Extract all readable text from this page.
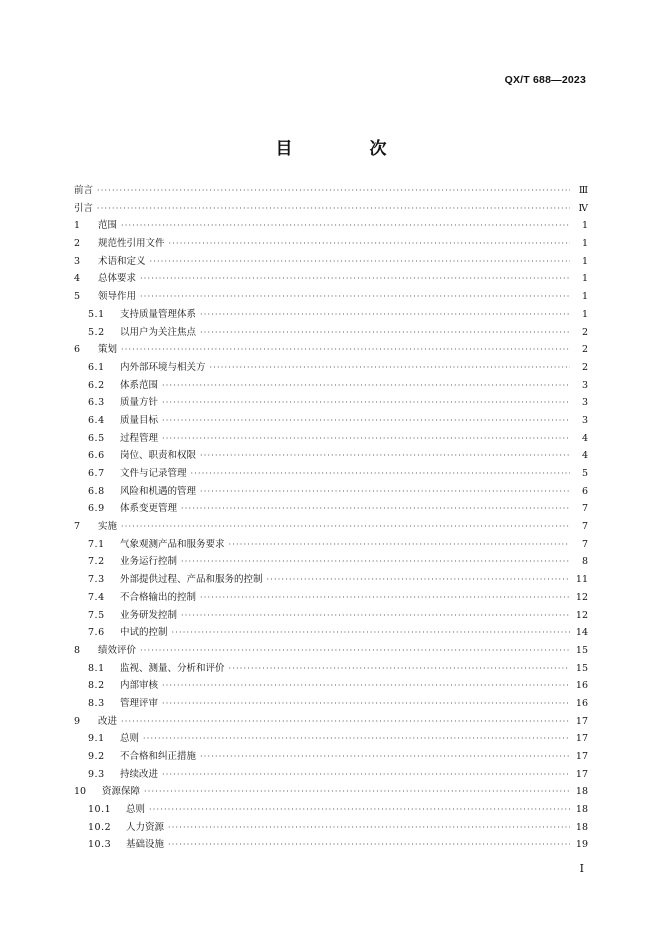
QX/T 688—2023
目　次
前言 ·····	Ⅲ
引言 ·····	Ⅳ
1	范围 ·····	1
2	规范性引用文件 ·····	1
3	术语和定义 ·····	1
4	总体要求 ·····	1
5	领导作用 ·····	1
5.1	支持质量管理体系 ·····	1
5.2	以用户为关注焦点 ·····	2
6	策划 ·····	2
6.1	内外部环境与相关方 ·····	2
6.2	体系范围 ·····	3
6.3	质量方针 ·····	3
6.4	质量目标 ·····	3
6.5	过程管理 ·····	4
6.6	岗位、职责和权限 ·····	4
6.7	文件与记录管理 ·····	5
6.8	风险和机遇的管理 ·····	6
6.9	体系变更管理 ·····	7
7	实施 ·····	7
7.1	气象观测产品和服务要求 ·····	7
7.2	业务运行控制 ·····	8
7.3	外部提供过程、产品和服务的控制 ·····	11
7.4	不合格输出的控制 ·····	12
7.5	业务研发控制 ·····	12
7.6	中试的控制 ·····	14
8	绩效评价 ·····	15
8.1	监视、测量、分析和评价 ·····	15
8.2	内部审核 ·····	16
8.3	管理评审 ·····	16
9	改进 ·····	17
9.1	总则 ·····	17
9.2	不合格和纠正措施 ·····	17
9.3	持续改进 ·····	17
10	资源保障 ·····	18
10.1	总则 ·····	18
10.2	人力资源 ·····	18
10.3	基础设施 ·····	19
Ⅰ
